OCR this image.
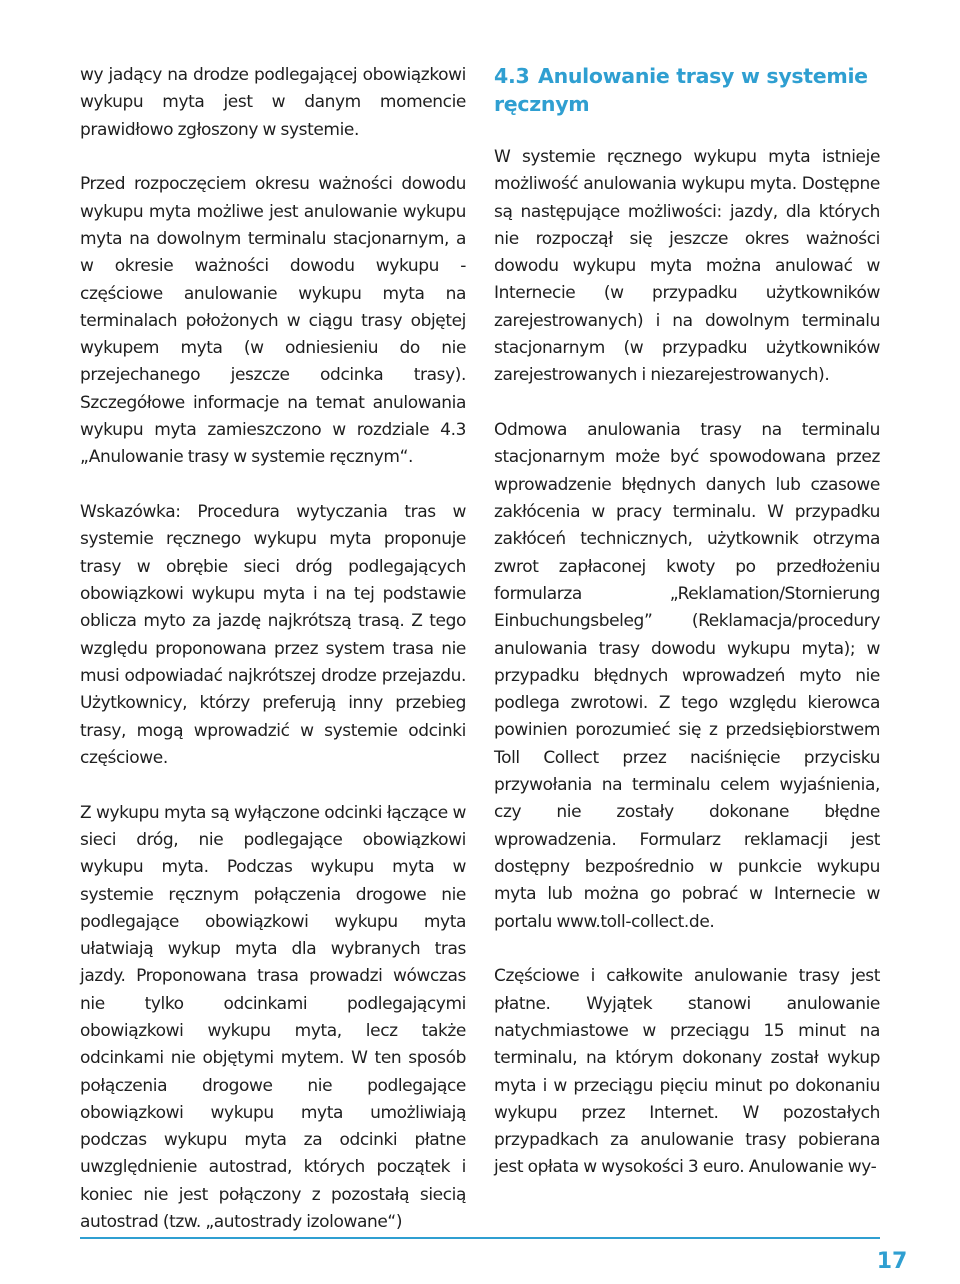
wy jadący na drodze podlegającej obowiązkowi wykupu myta jest w danym momencie prawidłowo zgłoszony w systemie.

Przed rozpoczęciem okresu ważności dowodu wykupu myta możliwe jest anulowanie wykupu myta na dowolnym terminalu stacjonarnym, a w okresie ważności dowodu wykupu - częściowe anulowanie wykupu myta na terminalach położonych w ciągu trasy objętej wykupem myta (w odniesieniu do nie przejechanego jeszcze odcinka trasy). Szczegółowe informacje na temat anulowania wykupu myta zamieszczono w rozdziale 4.3 „Anulowanie trasy w systemie ręcznym“.

Wskazówka: Procedura wytyczania tras w systemie ręcznego wykupu myta proponuje trasy w obrębie sieci dróg podlegających obowiązkowi wykupu myta i na tej podstawie oblicza myto za jazdę najkrótszą trasą. Z tego względu proponowana przez system trasa nie musi odpowiadać najkrótszej drodze przejazdu. Użytkownicy, którzy preferują inny przebieg trasy, mogą wprowadzić w systemie odcinki częściowe.

Z wykupu myta są wyłączone odcinki łączące w sieci dróg, nie podlegające obowiązkowi wykupu myta. Podczas wykupu myta w systemie ręcznym połączenia drogowe nie podlegające obowiązkowi wykupu myta ułatwiają wykup myta dla wybranych tras jazdy. Proponowana trasa prowadzi wówczas nie tylko odcinkami podlegającymi obowiązkowi wykupu myta, lecz także odcinkami nie objętymi mytem. W ten sposób połączenia drogowe nie podlegające obowiązkowi wykupu myta umożliwiają podczas wykupu myta za odcinki płatne uwzględnienie autostrad, których początek i koniec nie jest połączony z pozostałą siecią autostrad (tzw. „autostrady izolowane“)

4.3 Anulowanie trasy w systemie ręcznym

W systemie ręcznego wykupu myta istnieje możliwość anulowania wykupu myta. Dostępne są następujące możliwości: jazdy, dla których nie rozpoczął się jeszcze okres ważności dowodu wykupu myta można anulować w Internecie (w przypadku użytkowników zarejestrowanych) i na dowolnym terminalu stacjonarnym (w przypadku użytkowników zarejestrowanych i niezarejestrowanych).

Odmowa anulowania trasy na terminalu stacjonarnym może być spowodowana przez wprowadzenie błędnych danych lub czasowe zakłócenia w pracy terminalu. W przypadku zakłóceń technicznych, użytkownik otrzyma zwrot zapłaconej kwoty po przedłożeniu formularza „Reklamation/Stornierung Einbuchungsbeleg” (Reklamacja/procedury anulowania trasy dowodu wykupu myta); w przypadku błędnych wprowadzeń myto nie podlega zwrotowi. Z tego względu kierowca powinien porozumieć się z przedsiębiorstwem Toll Collect przez naciśnięcie przycisku przywołania na terminalu celem wyjaśnienia, czy nie zostały dokonane błędne wprowadzenia. Formularz reklamacji jest dostępny bezpośrednio w punkcie wykupu myta lub można go pobrać w Internecie w portalu www.toll-collect.de.

Częściowe i całkowite anulowanie trasy jest płatne. Wyjątek stanowi anulowanie natychmiastowe w przeciągu 15 minut na terminalu, na którym dokonany został wykup myta i w przeciągu pięciu minut po dokonaniu wykupu przez Internet. W pozostałych przypadkach za anulowanie trasy pobierana jest opłata w wysokości 3 euro. Anulowanie wy-

17
